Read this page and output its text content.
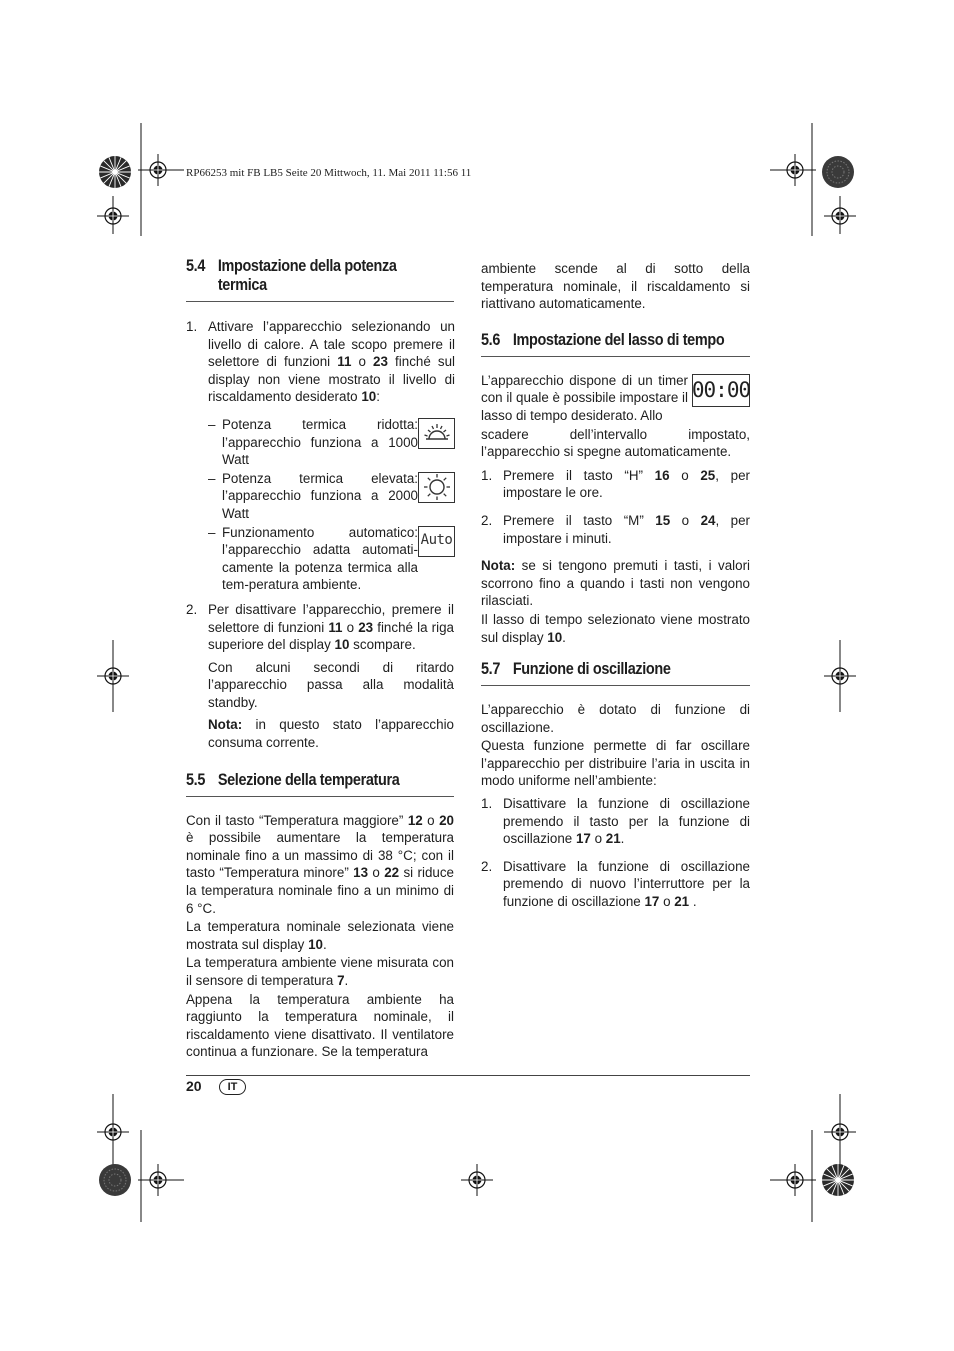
RP66253 mit FB LB5 Seite 20 Mittwoch, 11. Mai 2011 11:56 11
5.4 Impostazione della potenza
termica
1. Attivare l’apparecchio selezionando un livello di calore. A tale scopo premere il selettore di funzioni 11 o 23 finché sul display non viene mostrato il livello di riscaldamento desiderato 10:
– Potenza termica ridotta: l’apparecchio funziona a 1000 Watt
– Potenza termica elevata: l’apparecchio funziona a 2000 Watt
– Funzionamento automatico: l’apparecchio adatta automati-camente la potenza termica alla tem-peratura ambiente.
Auto
2. Per disattivare l’apparecchio, premere il selettore di funzioni 11 o 23 finché la riga superiore del display 10 scompare.
Con alcuni secondi di ritardo l’apparecchio passa alla modalità standby.
Nota: in questo stato l’apparecchio consuma corrente.
5.5 Selezione della temperatura
Con il tasto “Temperatura maggiore” 12 o 20 è possibile aumentare la temperatura nominale fino a un massimo di 38 °C; con il tasto “Temperatura minore” 13 o 22 si riduce la temperatura nominale fino a un minimo di 6 °C.
La temperatura nominale selezionata viene mostrata sul display 10.
La temperatura ambiente viene misurata con il sensore di temperatura 7.
Appena la temperatura ambiente ha raggiunto la temperatura nominale, il riscaldamento viene disattivato. Il ventilatore continua a funzionare. Se la temperatura
ambiente scende al di sotto della temperatura nominale, il riscaldamento si riattivano automaticamente.
5.6 Impostazione del lasso di tempo
00:00
L’apparecchio dispone di un timer con il quale è possibile impostare il lasso di tempo desiderato. Allo
scadere dell’intervallo impostato, l’apparecchio si spegne automaticamente.
1. Premere il tasto “H” 16 o 25, per impostare le ore.
2. Premere il tasto “M” 15 o 24, per impostare i minuti.
Nota: se si tengono premuti i tasti, i valori scorrono fino a quando i tasti non vengono rilasciati.
Il lasso di tempo selezionato viene mostrato sul display 10.
5.7 Funzione di oscillazione
L’apparecchio è dotato di funzione di oscillazione.
Questa funzione permette di far oscillare l’apparecchio per distribuire l’aria in uscita in modo uniforme nell’ambiente:
1. Disattivare la funzione di oscillazione premendo il tasto per la funzione di oscillazione 17 o 21.
2. Disattivare la funzione di oscillazione premendo di nuovo l’interruttore per la funzione di oscillazione 17 o 21 .
20	IT
